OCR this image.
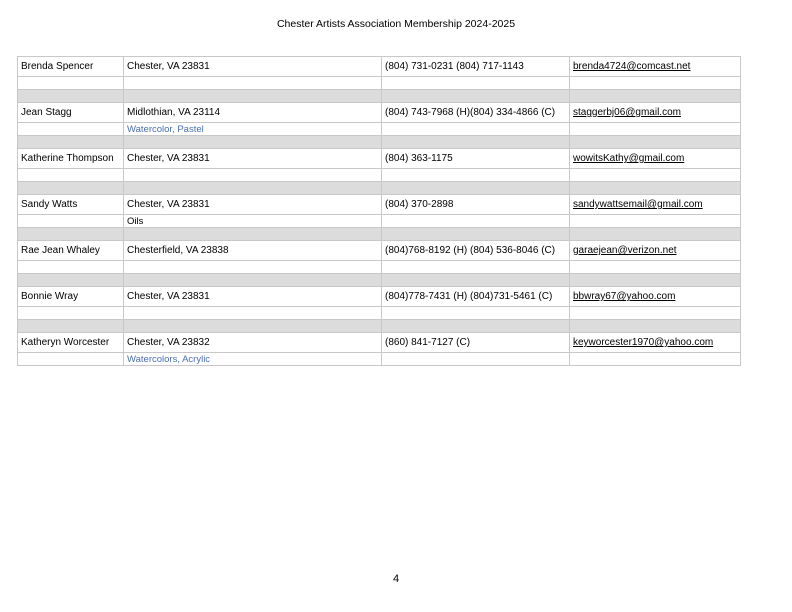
Chester Artists Association Membership 2024-2025
Brenda Spencer	Chester, VA 23831	(804) 731-0231 (804) 717-1143	brenda4724@comcast.net

Jean Stagg	Midlothian, VA 23114	(804) 743-7968 (H)(804) 334-4866 (C)	staggerbj06@gmail.com
	Watercolor, Pastel		

Katherine Thompson	Chester, VA 23831	(804) 363-1175	wowitsKathy@gmail.com

Sandy Watts	Chester, VA 23831	(804) 370-2898	sandywattsemail@gmail.com
	Oils		

Rae Jean Whaley	Chesterfield, VA 23838	(804)768-8192 (H) (804) 536-8046 (C)	garaejean@verizon.net

Bonnie Wray	Chester, VA 23831	(804)778-7431 (H) (804)731-5461 (C)	bbwray67@yahoo.com

Katheryn Worcester	Chester, VA 23832	(860) 841-7127 (C)	keyworcester1970@yahoo.com
	Watercolors, Acrylic		
4
